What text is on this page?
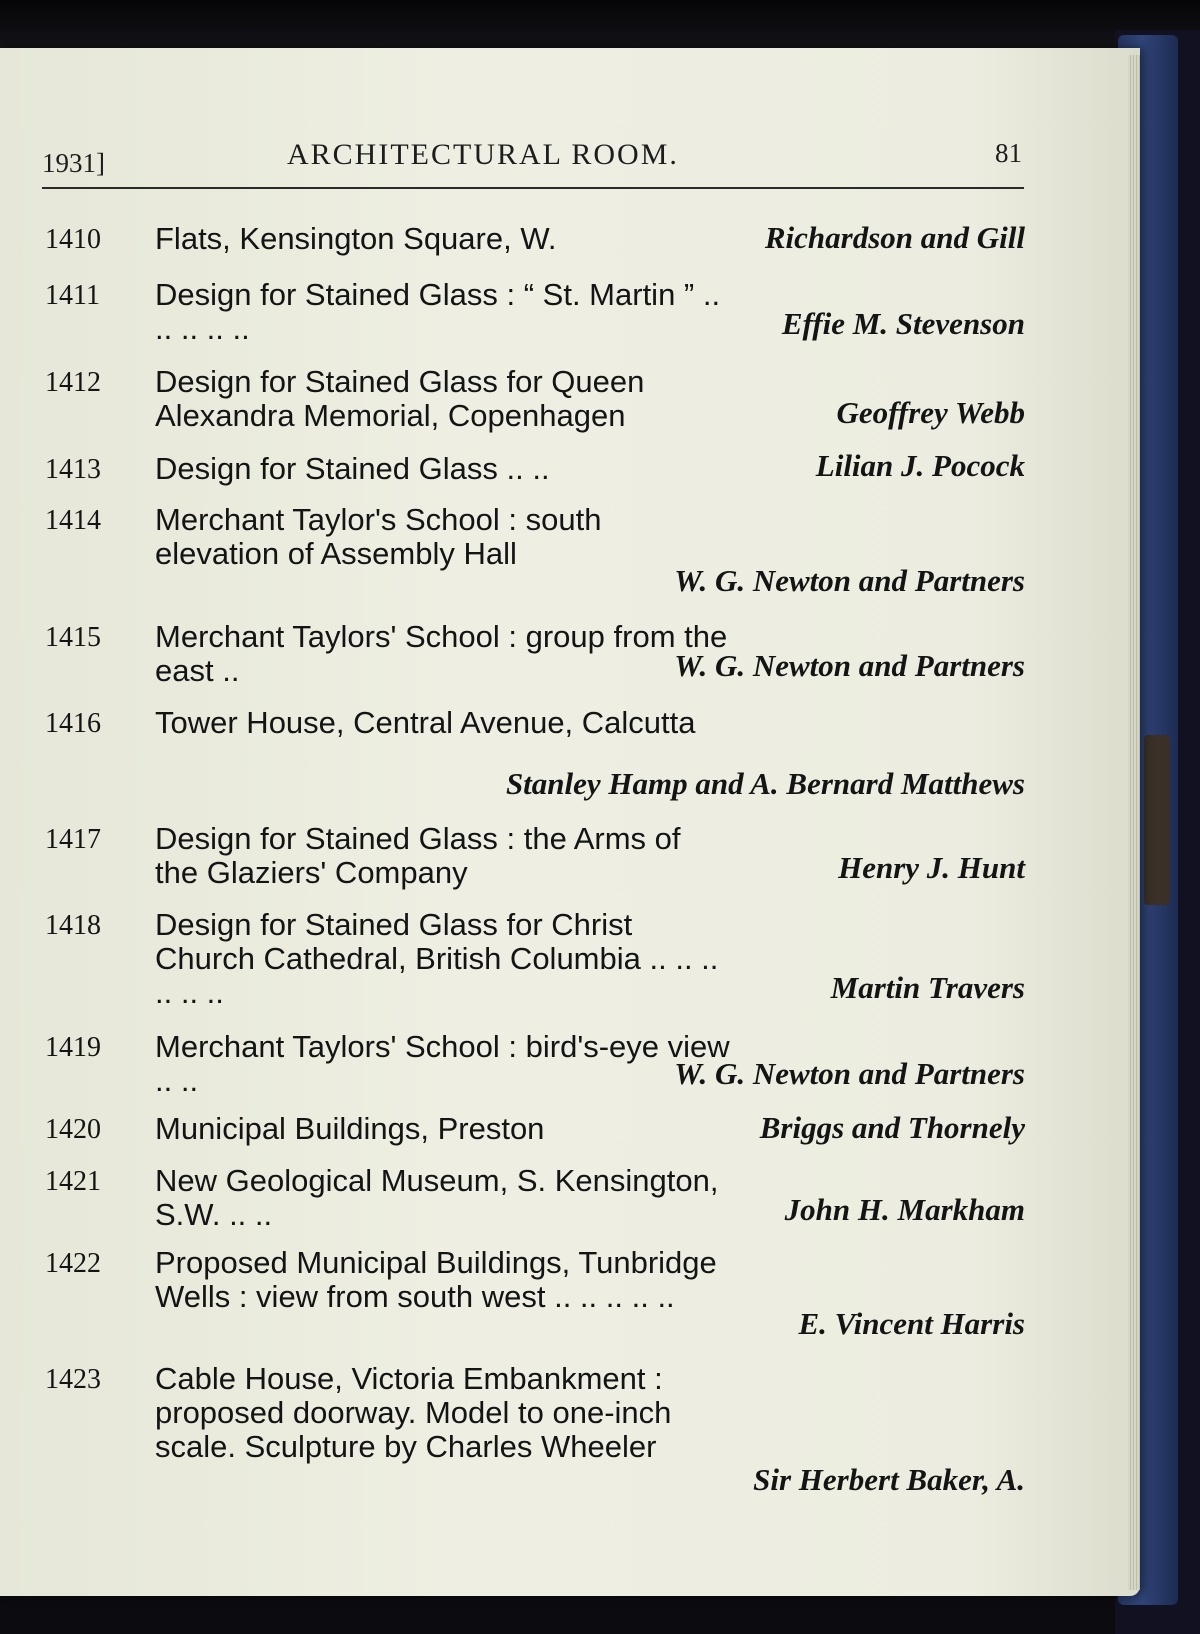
1931]	ARCHITECTURAL ROOM.	81
1410 Flats, Kensington Square, W.	Richardson and Gill
1411 Design for Stained Glass : “ St. Martin ” .. .. .. .. ..	Effie M. Stevenson
1412 Design for Stained Glass for Queen Alexandra Memorial, Copenhagen	Geoffrey Webb
1413 Design for Stained Glass .. ..	Lilian J. Pocock
1414 Merchant Taylor's School : south elevation of Assembly Hall
W. G. Newton and Partners
1415 Merchant Taylors' School : group from the east ..	W. G. Newton and Partners
1416 Tower House, Central Avenue, Calcutta
Stanley Hamp and A. Bernard Matthews
1417 Design for Stained Glass : the Arms of the Glaziers' Company	Henry J. Hunt
1418 Design for Stained Glass for Christ Church Cathedral, British Columbia .. .. .. .. .. ..	Martin Travers
1419 Merchant Taylors' School : bird's-eye view .. ..	W. G. Newton and Partners
1420 Municipal Buildings, Preston	Briggs and Thornely
1421 New Geological Museum, S. Kensington, S.W. .. ..	John H. Markham
1422 Proposed Municipal Buildings, Tunbridge Wells : view from south west .. .. .. .. ..
E. Vincent Harris
1423 Cable House, Victoria Embankment : proposed doorway. Model to one-inch scale. Sculpture by Charles Wheeler
Sir Herbert Baker, A.
